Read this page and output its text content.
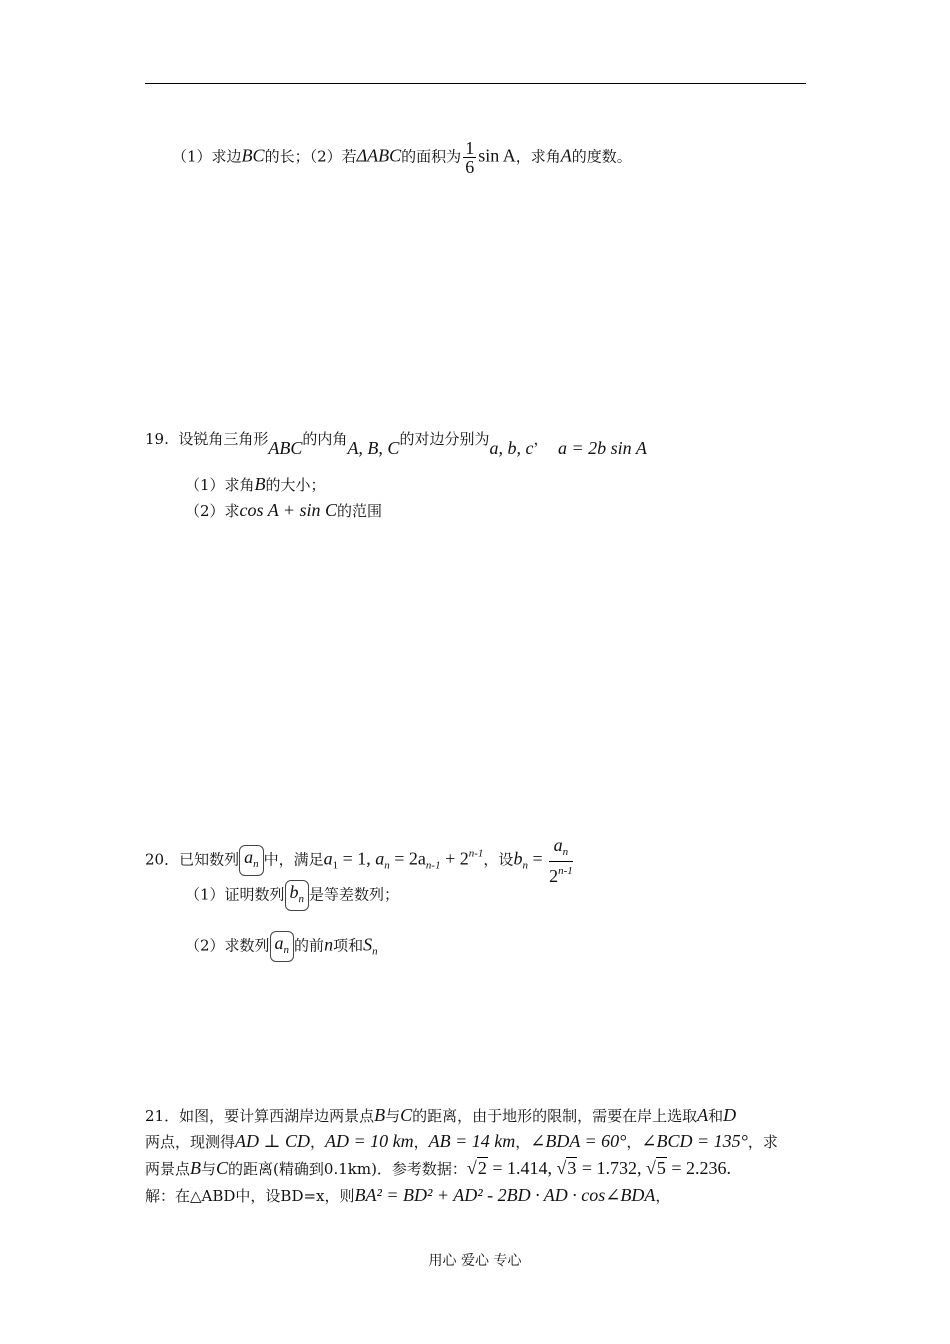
（1）求边BC的长；（2）若ΔABC的面积为 $\frac{1}{6}$ sin A，求角A的度数。
19. 设锐角三角形ABC的内角A, B, C的对边分别为a, b, c， a = 2b sin A
（1）求角B的大小；
（2）求cos A + sin C的范围
20．已知数列 $a_n$ 中，满足$a_1 = 1$, $a_n = 2a_{n-1} + 2^{n-1}$，设$b_n = \frac{a_n}{2^{n-1}}$
（1）证明数列 $b_n$ 是等差数列；
（2）求数列 $a_n$ 的前n项和$S_n$
21．如图，要计算西湖岸边两景点B与C的距离，由于地形的限制，需要在岸上选取A和D
两点，现测得AD ⊥ CD，AD = 10 km，AB = 14 km，∠BDA = 60°，∠BCD = 135°，求
两景点B与C的距离(精确到0.1km)．参考数据：√2 = 1.414, √3 = 1.732, √5 = 2.236.
解：在△ABD中，设BD=x，则BA² = BD² + AD² - 2BD · AD · cos∠BDA，
用心 爱心 专心
